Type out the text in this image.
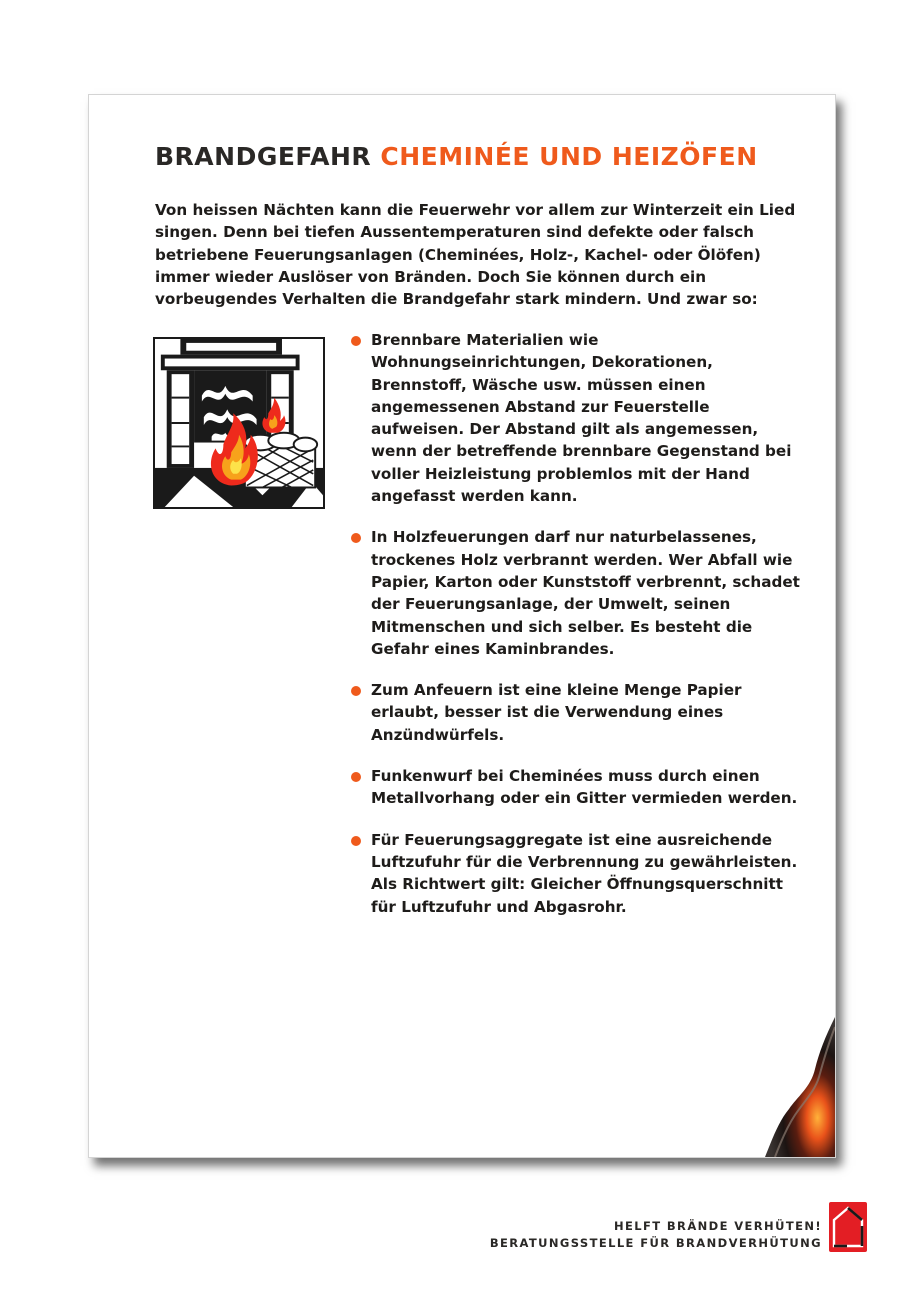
BRANDGEFAHR CHEMINÉE UND HEIZÖFEN

Von heissen Nächten kann die Feuerwehr vor allem zur Winterzeit ein Lied singen. Denn bei tiefen Aussentemperaturen sind defekte oder falsch betriebene Feuerungsanlagen (Cheminées, Holz-, Kachel- oder Ölöfen) immer wieder Auslöser von Bränden. Doch Sie können durch ein vorbeugendes Verhalten die Brandgefahr stark mindern. Und zwar so:

Brennbare Materialien wie Wohnungseinrichtungen, Dekorationen, Brennstoff, Wäsche usw. müssen einen angemessenen Abstand zur Feuerstelle aufweisen. Der Abstand gilt als angemessen, wenn der betreffende brennbare Gegenstand bei voller Heizleistung problemlos mit der Hand angefasst werden kann.
In Holzfeuerungen darf nur naturbelassenes, trockenes Holz verbrannt werden. Wer Abfall wie Papier, Karton oder Kunststoff verbrennt, schadet der Feuerungsanlage, der Umwelt, seinen Mitmenschen und sich selber. Es besteht die Gefahr eines Kaminbrandes.
Zum Anfeuern ist eine kleine Menge Papier erlaubt, besser ist die Verwendung eines Anzündwürfels.
Funkenwurf bei Cheminées muss durch einen Metallvorhang oder ein Gitter vermieden werden.
Für Feuerungsaggregate ist eine ausreichende Luftzufuhr für die Verbrennung zu gewährleisten. Als Richtwert gilt: Gleicher Öffnungsquerschnitt für Luftzufuhr und Abgasrohr.
HELFT BRÄNDE VERHÜTEN!
BERATUNGSSTELLE FÜR BRANDVERHÜTUNG
